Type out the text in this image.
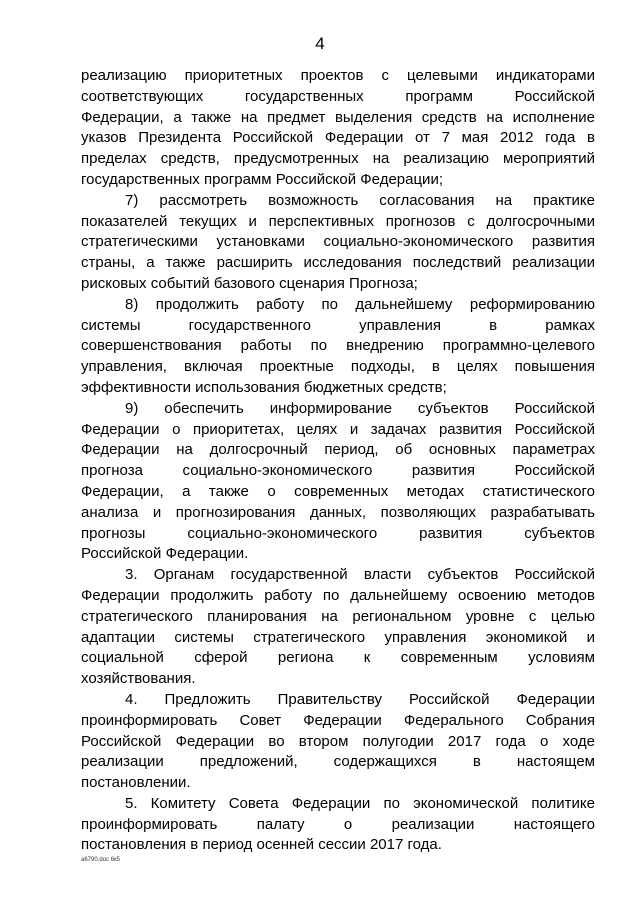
4
реализацию приоритетных проектов с целевыми индикаторами
соответствующих государственных программ Российской
Федерации, а также на предмет выделения средств на исполнение
указов Президента Российской Федерации от 7 мая 2012 года в
пределах средств, предусмотренных на реализацию мероприятий
государственных программ Российской Федерации;
7) рассмотреть возможность согласования на практике
показателей текущих и перспективных прогнозов с долгосрочными
стратегическими установками социально-экономического развития
страны, а также расширить исследования последствий реализации
рисковых событий базового сценария Прогноза;
8) продолжить работу по дальнейшему реформированию
системы государственного управления в рамках
совершенствования работы по внедрению программно-целевого
управления, включая проектные подходы, в целях повышения
эффективности использования бюджетных средств;
9) обеспечить информирование субъектов Российской
Федерации о приоритетах, целях и задачах развития Российской
Федерации на долгосрочный период, об основных параметрах
прогноза социально-экономического развития Российской
Федерации, а также о современных методах статистического
анализа и прогнозирования данных, позволяющих разрабатывать
прогнозы социально-экономического развития субъектов
Российской Федерации.
3. Органам государственной власти субъектов Российской
Федерации продолжить работу по дальнейшему освоению методов
стратегического планирования на региональном уровне с целью
адаптации системы стратегического управления экономикой и
социальной сферой региона к современным условиям
хозяйствования.
4. Предложить Правительству Российской Федерации
проинформировать Совет Федерации Федерального Собрания
Российской Федерации во втором полугодии 2017 года о ходе
реализации предложений, содержащихся в настоящем
постановлении.
5. Комитету Совета Федерации по экономической политике
проинформировать палату о реализации настоящего
постановления в период осенней сессии 2017 года.
a6790.doc 6к5
